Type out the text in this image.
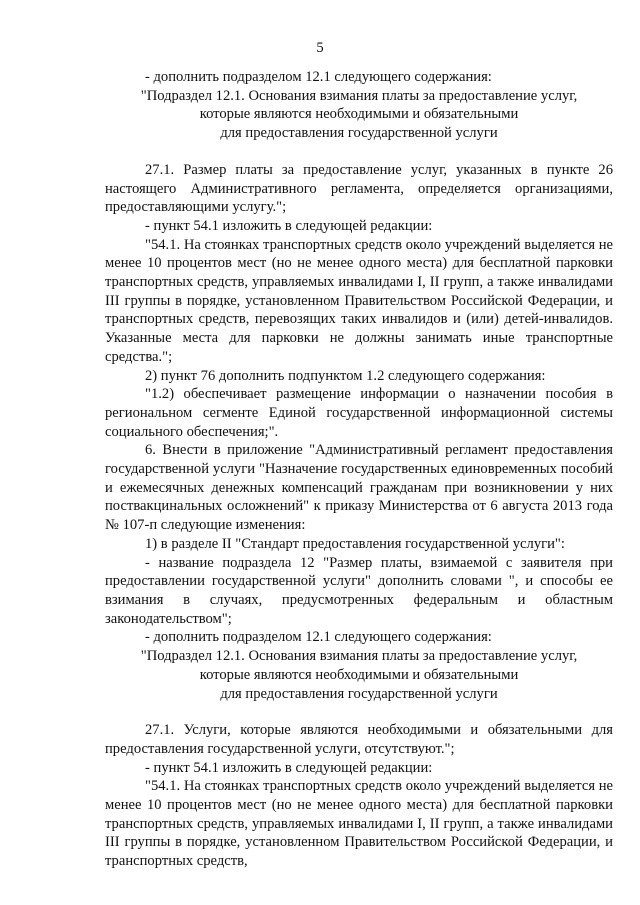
5

- дополнить подразделом 12.1 следующего содержания:

"Подраздел 12.1. Основания взимания платы за предоставление услуг,

которые являются необходимыми и обязательными

для предоставления государственной услуги

27.1. Размер платы за предоставление услуг, указанных в пункте 26 настоящего Административного регламента, определяется организациями, предоставляющими услугу.";

- пункт 54.1 изложить в следующей редакции:

"54.1. На стоянках транспортных средств около учреждений выделяется не менее 10 процентов мест (но не менее одного места) для бесплатной парковки транспортных средств, управляемых инвалидами I, II групп, а также инвалидами III группы в порядке, установленном Правительством Российской Федерации, и транспортных средств, перевозящих таких инвалидов и (или) детей-инвалидов. Указанные места для парковки не должны занимать иные транспортные средства.";

2) пункт 76 дополнить подпунктом 1.2 следующего содержания:

"1.2) обеспечивает размещение информации о назначении пособия в региональном сегменте Единой государственной информационной системы социального обеспечения;".

6. Внести в приложение "Административный регламент предоставления государственной услуги "Назначение государственных единовременных пособий и ежемесячных денежных компенсаций гражданам при возникновении у них поствакцинальных осложнений" к приказу Министерства от 6 августа 2013 года № 107-п следующие изменения:

1) в разделе II "Стандарт предоставления государственной услуги":

- название подраздела 12 "Размер платы, взимаемой с заявителя при предоставлении государственной услуги" дополнить словами ", и способы ее взимания в случаях, предусмотренных федеральным и областным законодательством";

- дополнить подразделом 12.1 следующего содержания:

"Подраздел 12.1. Основания взимания платы за предоставление услуг,

которые являются необходимыми и обязательными

для предоставления государственной услуги

27.1. Услуги, которые являются необходимыми и обязательными для предоставления государственной услуги, отсутствуют.";

- пункт 54.1 изложить в следующей редакции:

"54.1. На стоянках транспортных средств около учреждений выделяется не менее 10 процентов мест (но не менее одного места) для бесплатной парковки транспортных средств, управляемых инвалидами I, II групп, а также инвалидами III группы в порядке, установленном Правительством Российской Федерации, и транспортных средств,
